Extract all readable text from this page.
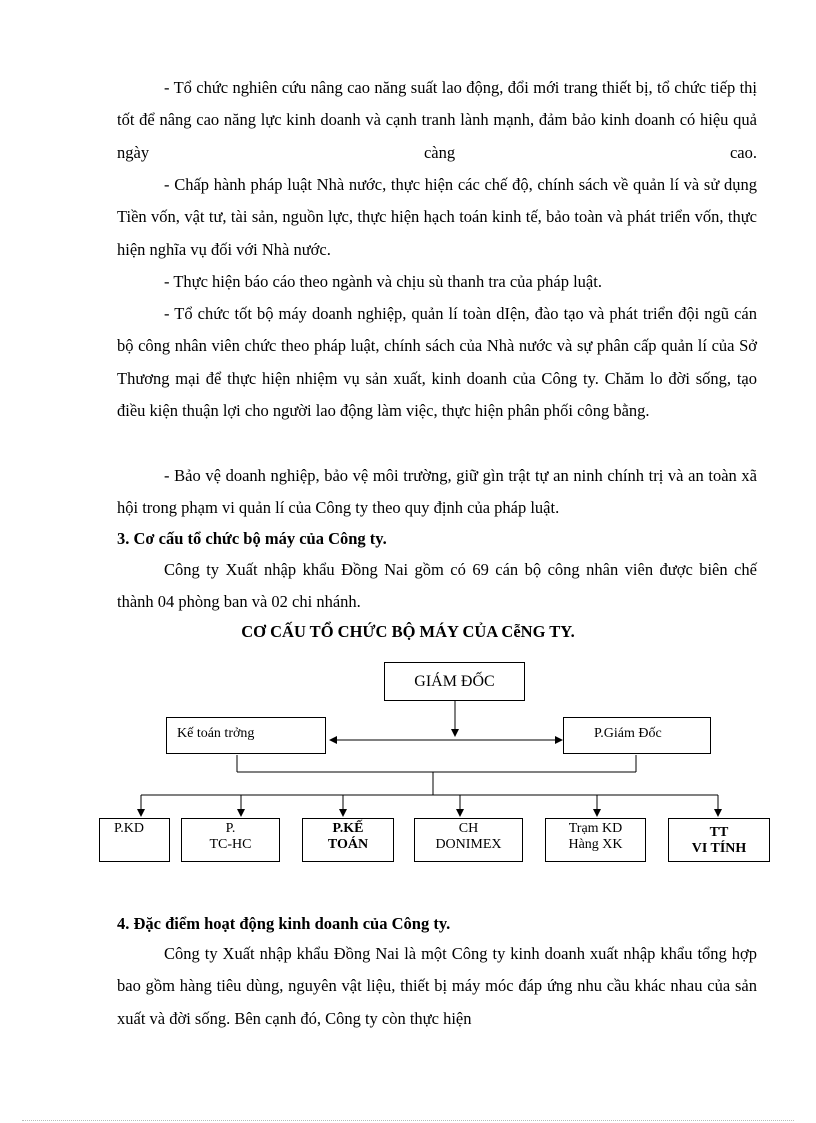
- Tổ chức nghiên cứu nâng cao năng suất lao động, đổi mới trang thiết bị, tổ chức tiếp thị tốt để nâng cao năng lực kinh doanh và cạnh tranh lành mạnh, đảm bảo kinh doanh có hiệu quả ngày càng cao.

- Chấp hành pháp luật Nhà nước, thực hiện các chế độ, chính sách về quản lí và sử dụng Tiền vốn, vật tư, tài sản, nguồn lực, thực hiện hạch toán kinh tế, bảo toàn và phát triển vốn, thực hiện nghĩa vụ đối với Nhà nước.

- Thực hiện báo cáo theo ngành và chịu sù thanh tra của pháp luật.

- Tổ chức tốt bộ máy doanh nghiệp, quản lí toàn dIện, đào tạo và phát triển đội ngũ cán bộ công nhân viên chức theo pháp luật, chính sách của Nhà nước và sự phân cấp quản lí của Sở Thương mại để thực hiện nhiệm vụ sản xuất, kinh doanh của Công ty. Chăm lo đời sống, tạo điều kiện thuận lợi cho người lao động làm việc, thực hiện phân phối công bằng.

- Bảo vệ doanh nghiệp, bảo vệ môi trường, giữ gìn trật tự an ninh chính trị và an toàn xã hội trong phạm vi quản lí của Công ty theo quy định của pháp luật.

3. Cơ cấu tổ chức bộ máy của Công ty.

Công ty Xuất nhập khẩu Đồng Nai gồm có 69 cán bộ công nhân viên được biên chế thành 04 phòng ban và 02 chi nhánh.

CƠ CẤU TỔ CHỨC BỘ MÁY CỦA CễNG TY.

GIÁM ĐỐC
Kế toán trởng	P.Giám Đốc
P.KD	P.
TC-HC
P.KẾ
TOÁN
CH
DONIMEX
Trạm KD
Hàng XK
TT
VI TÍNH

4. Đặc điểm hoạt động kinh doanh của Công ty.

Công ty Xuất nhập khẩu Đồng Nai là một Công ty kinh doanh xuất nhập khẩu tổng hợp bao gồm hàng tiêu dùng, nguyên vật liệu, thiết bị máy móc đáp ứng nhu cầu khác nhau của sản xuất và đời sống. Bên cạnh đó, Công ty còn thực hiện
